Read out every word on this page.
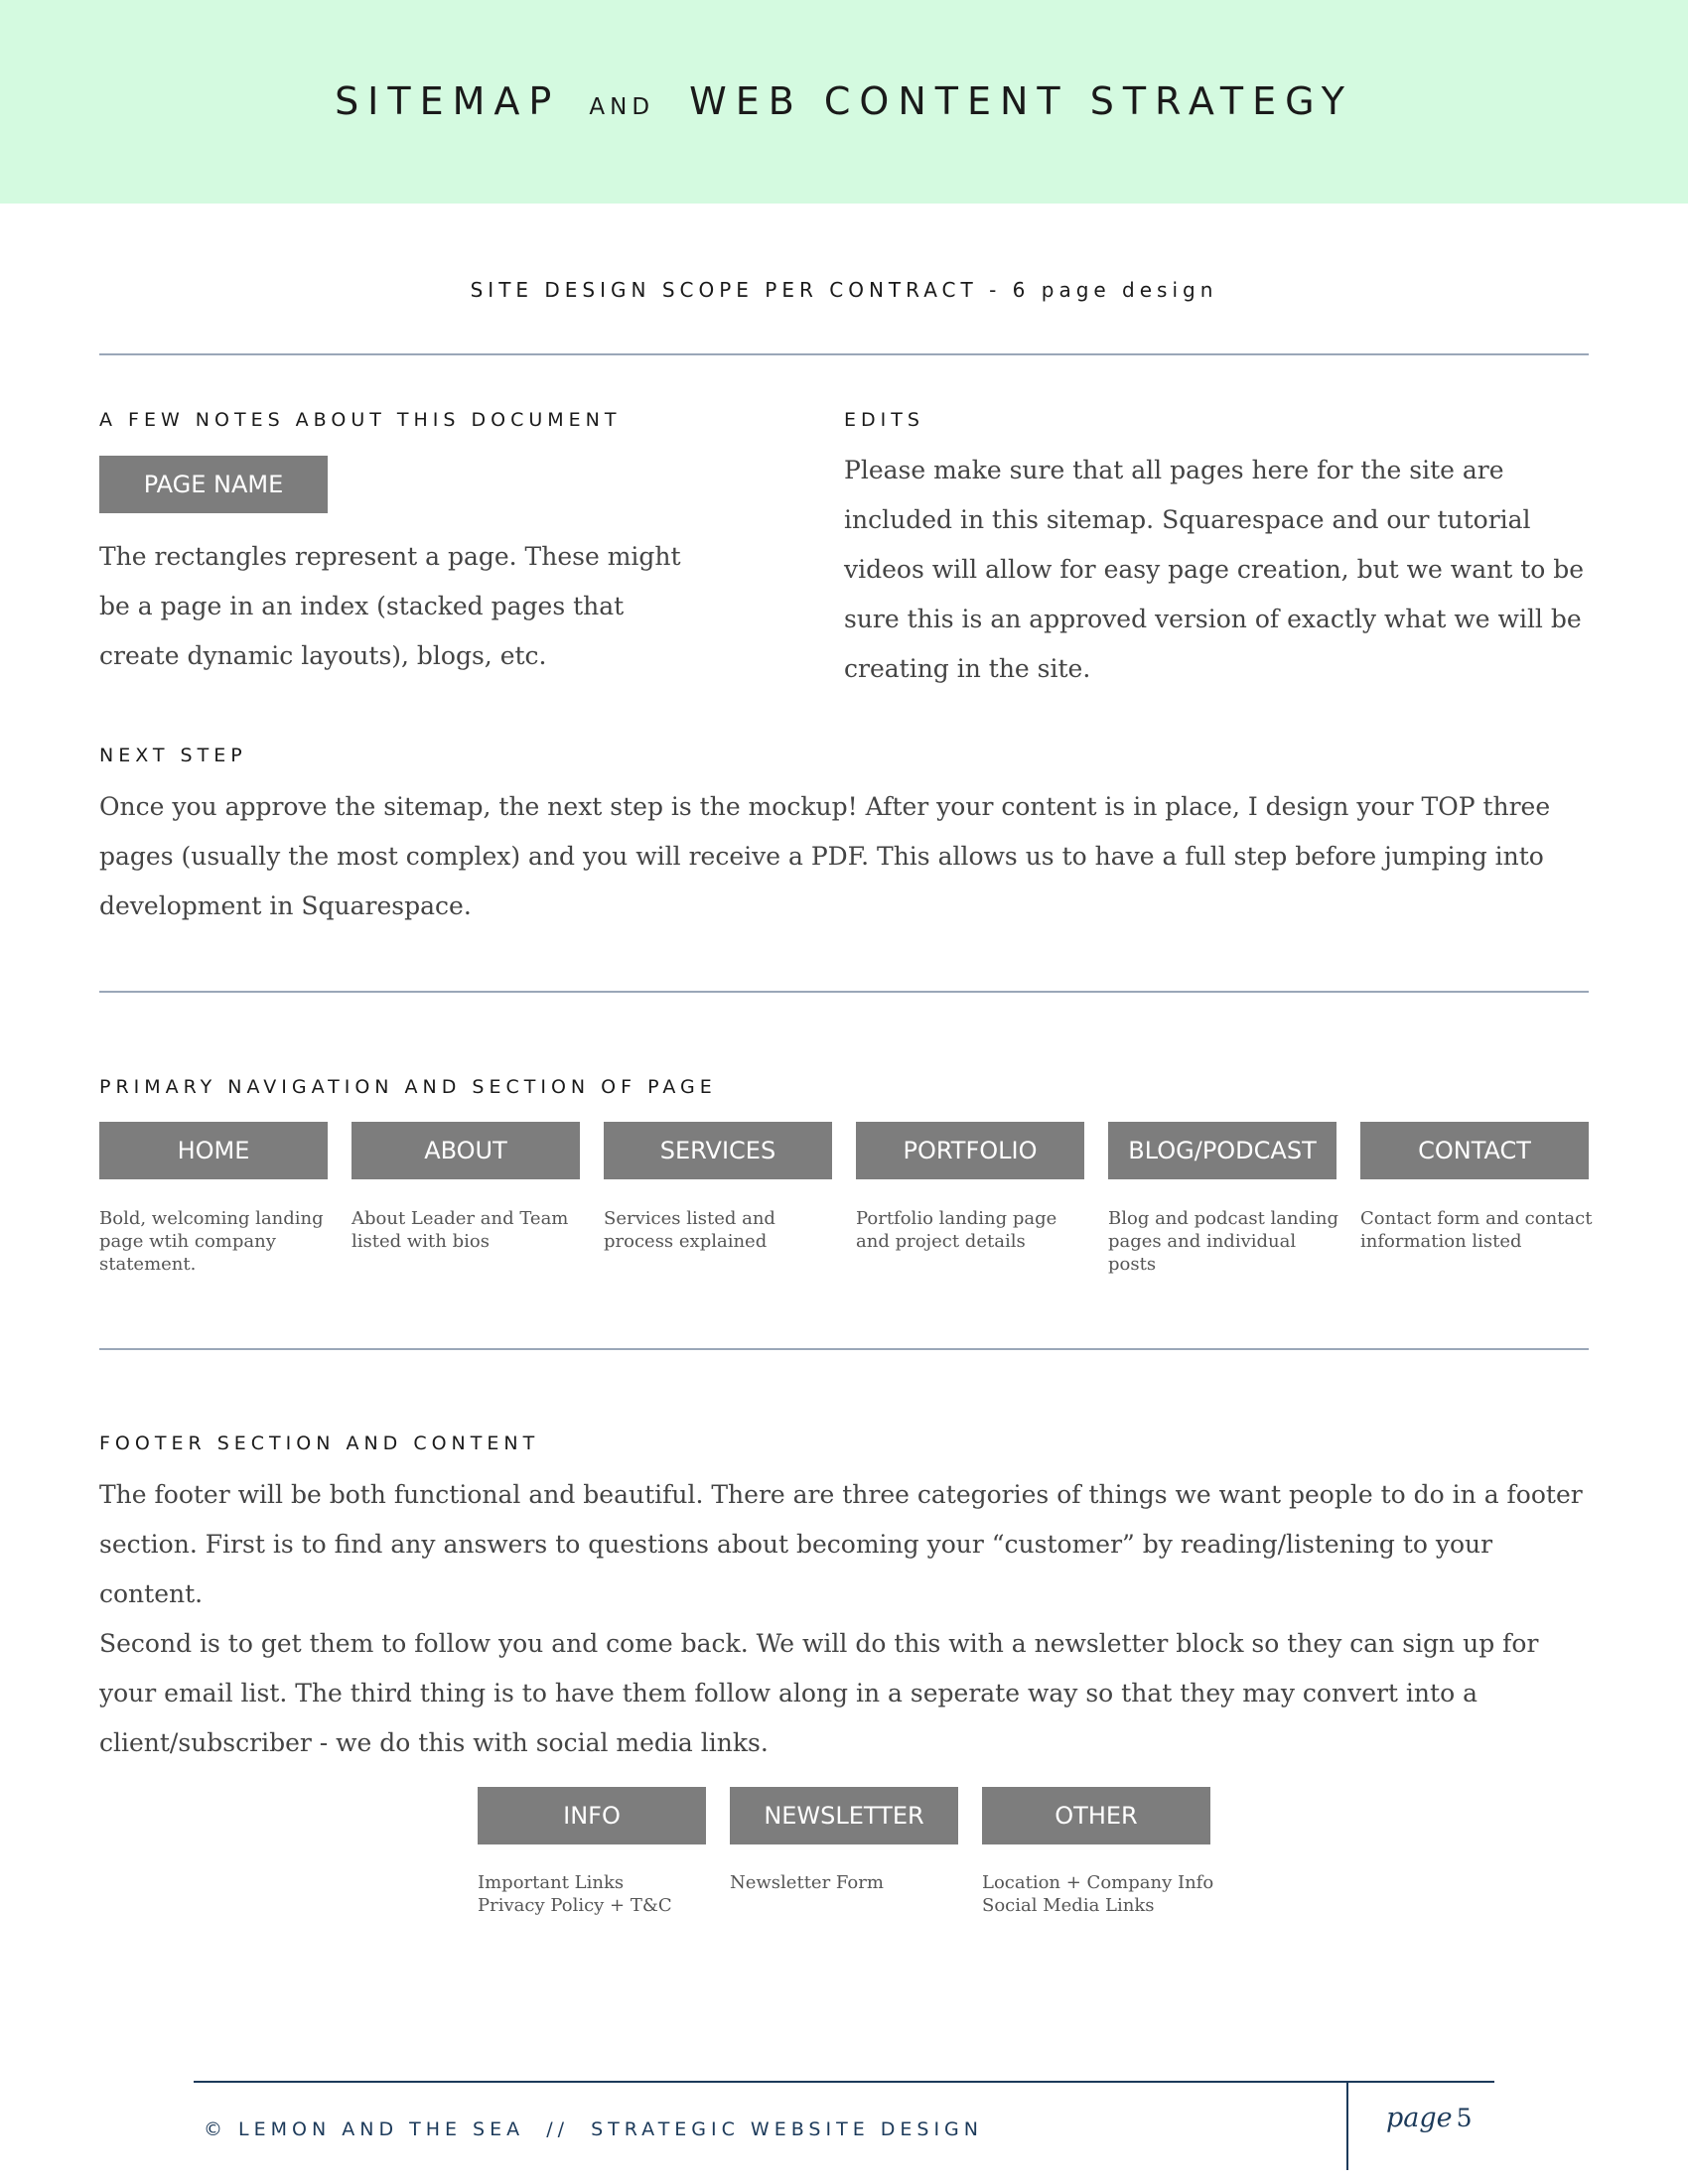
SITEMAP AND WEB CONTENT STRATEGY
SITE DESIGN SCOPE PER CONTRACT - 6 page design
A FEW NOTES ABOUT THIS DOCUMENT
PAGE NAME
The rectangles represent a page. These might be a page in an index (stacked pages that create dynamic layouts), blogs, etc.
EDITS
Please make sure that all pages here for the site are included in this sitemap. Squarespace and our tutorial videos will allow for easy page creation, but we want to be sure this is an approved version of exactly what we will be creating in the site.
NEXT STEP
Once you approve the sitemap, the next step is the mockup! After your content is in place, I design your TOP three pages (usually the most complex) and you will receive a PDF. This allows us to have a full step before jumping into development in Squarespace.
PRIMARY NAVIGATION AND SECTION OF PAGE
HOME
Bold, welcoming landing page wtih company statement.
ABOUT
About Leader and Team listed with bios
SERVICES
Services listed and process explained
PORTFOLIO
Portfolio landing page and project details
BLOG/PODCAST
Blog and podcast landing pages and individual posts
CONTACT
Contact form and contact information listed
FOOTER SECTION AND CONTENT
The footer will be both functional and beautiful. There are three categories of things we want people to do in a footer section. First is to find any answers to questions about becoming your “customer” by reading/listening to your content.
Second is to get them to follow you and come back. We will do this with a newsletter block so they can sign up for your email list. The third thing is to have them follow along in a seperate way so that they may convert into a client/subscriber - we do this with social media links.
INFO
Important Links
Privacy Policy + T&C
NEWSLETTER
Newsletter Form
OTHER
Location + Company Info
Social Media Links
© LEMON AND THE SEA  //  STRATEGIC WEBSITE DESIGN	page 5
